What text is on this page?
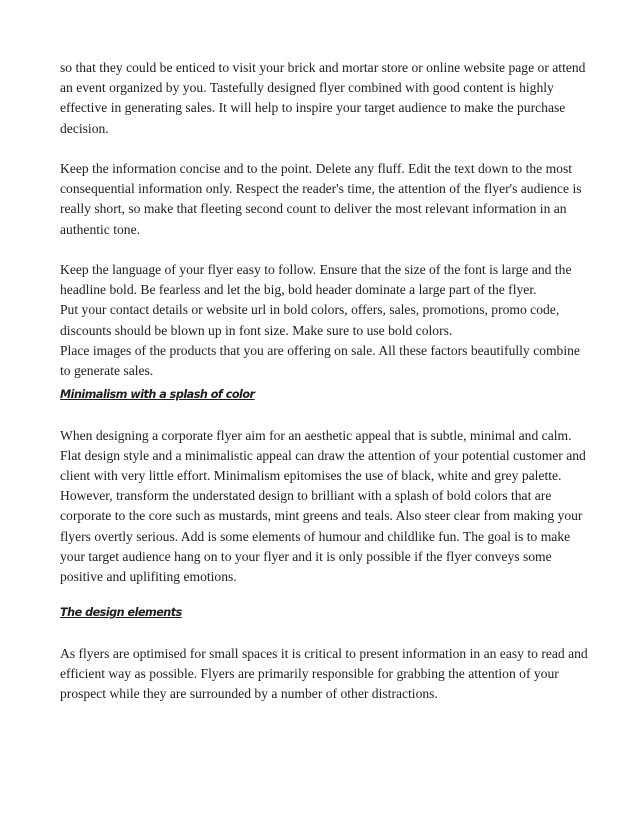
so that they could be enticed to visit your brick and mortar store or online website page or attend an event organized by you. Tastefully designed flyer combined with good content is highly effective in generating sales. It will help to inspire your target audience to make the purchase decision.

Keep the information concise and to the point. Delete any fluff. Edit the text down to the most consequential information only. Respect the reader's time, the attention of the flyer's audience is really short, so make that fleeting second count to deliver the most relevant information in an authentic tone.

Keep the language of your flyer easy to follow. Ensure that the size of the font is large and the headline bold. Be fearless and let the big, bold header dominate a large part of the flyer.

Put your contact details or website url in bold colors, offers, sales, promotions, promo code, discounts should be blown up in font size. Make sure to use bold colors.

Place images of the products that you are offering on sale. All these factors beautifully combine to generate sales.

Minimalism with a splash of color

When designing a corporate flyer aim for an aesthetic appeal that is subtle, minimal and calm. Flat design style and a minimalistic appeal can draw the attention of your potential customer and client with very little effort. Minimalism epitomises the use of black, white and grey palette. However, transform the understated design to brilliant with a splash of bold colors that are corporate to the core such as mustards, mint greens and teals. Also steer clear from making your flyers overtly serious. Add is some elements of humour and childlike fun. The goal is to make your target audience hang on to your flyer and it is only possible if the flyer conveys some positive and uplifiting emotions.

The design elements

As flyers are optimised for small spaces it is critical to present information in an easy to read and efficient way as possible. Flyers are primarily responsible for grabbing the attention of your prospect while they are surrounded by a number of other distractions.
